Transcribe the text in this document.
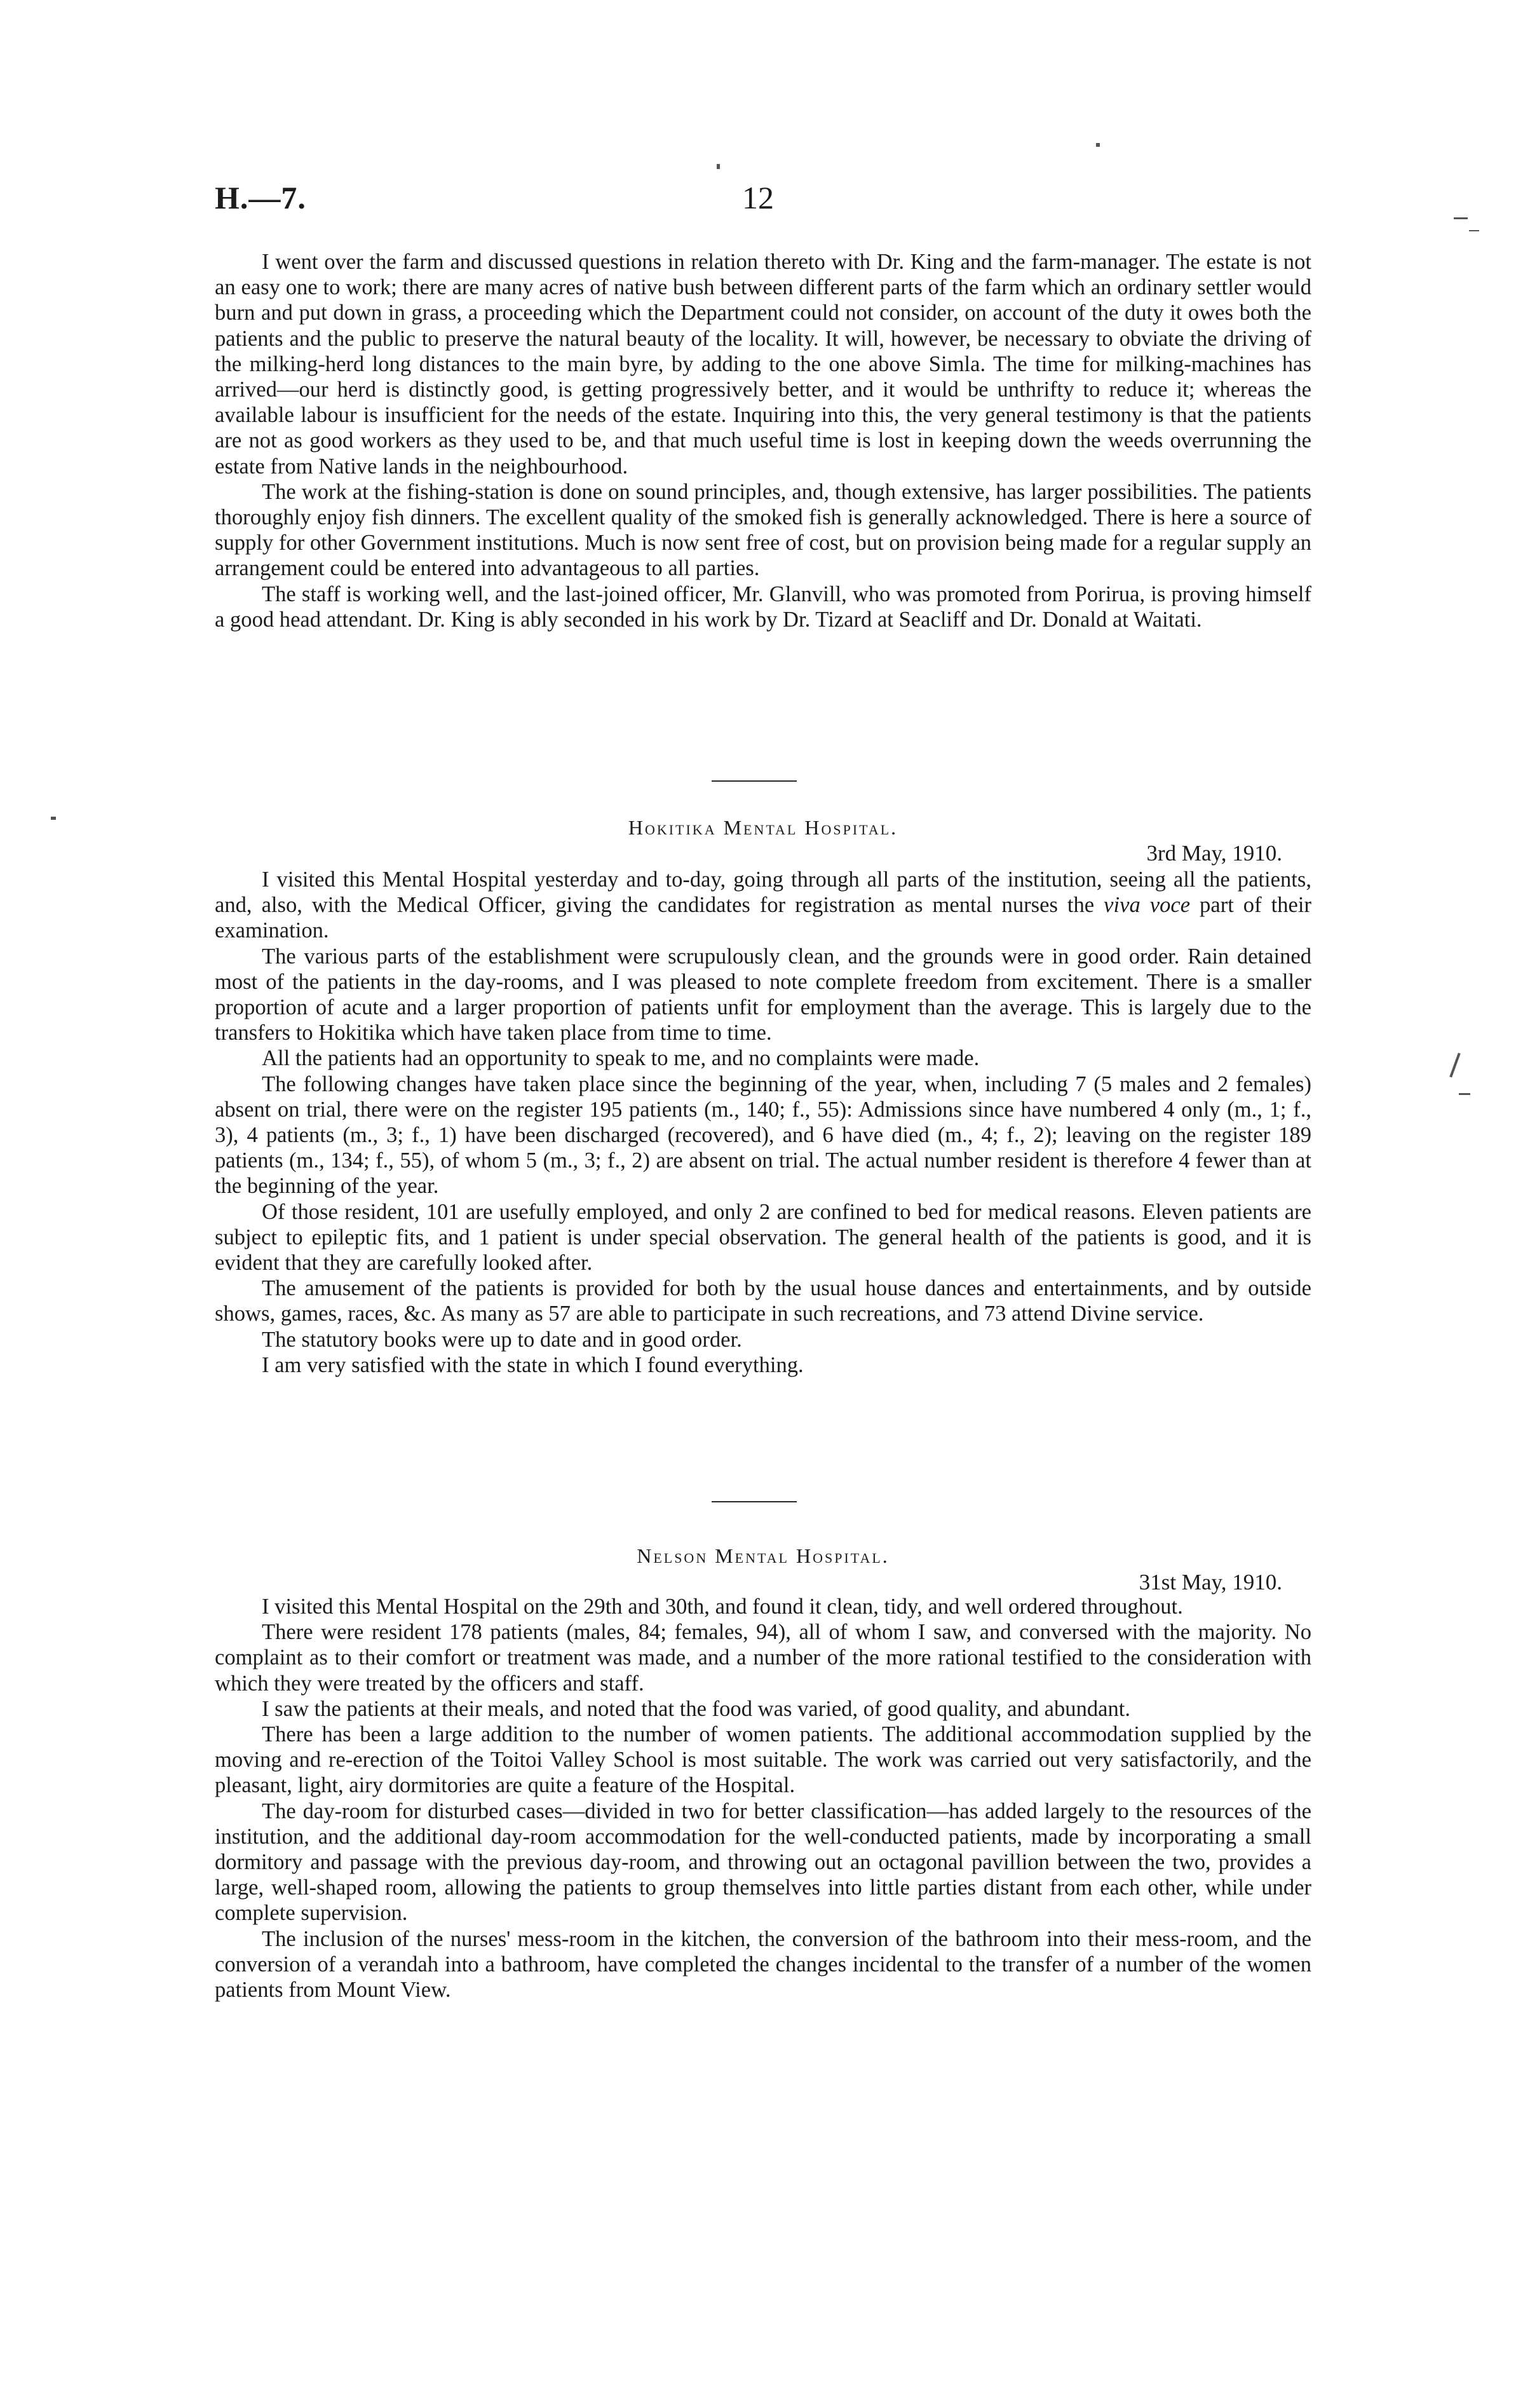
H.—7.	12

I went over the farm and discussed questions in relation thereto with Dr. King and the farm-manager. The estate is not an easy one to work; there are many acres of native bush between different parts of the farm which an ordinary settler would burn and put down in grass, a proceeding which the Department could not consider, on account of the duty it owes both the patients and the public to preserve the natural beauty of the locality. It will, however, be necessary to obviate the driving of the milking-herd long distances to the main byre, by adding to the one above Simla. The time for milking-machines has arrived—our herd is distinctly good, is getting progressively better, and it would be unthrifty to reduce it; whereas the available labour is insufficient for the needs of the estate. Inquiring into this, the very general testimony is that the patients are not as good workers as they used to be, and that much useful time is lost in keeping down the weeds overrunning the estate from Native lands in the neighbourhood.

The work at the fishing-station is done on sound principles, and, though extensive, has larger possibilities. The patients thoroughly enjoy fish dinners. The excellent quality of the smoked fish is generally acknowledged. There is here a source of supply for other Government institutions. Much is now sent free of cost, but on provision being made for a regular supply an arrangement could be entered into advantageous to all parties.

The staff is working well, and the last-joined officer, Mr. Glanvill, who was promoted from Porirua, is proving himself a good head attendant. Dr. King is ably seconded in his work by Dr. Tizard at Seacliff and Dr. Donald at Waitati.

Hokitika Mental Hospital.
3rd May, 1910.

I visited this Mental Hospital yesterday and to-day, going through all parts of the institution, seeing all the patients, and, also, with the Medical Officer, giving the candidates for registration as mental nurses the viva voce part of their examination.

The various parts of the establishment were scrupulously clean, and the grounds were in good order. Rain detained most of the patients in the day-rooms, and I was pleased to note complete freedom from excitement. There is a smaller proportion of acute and a larger proportion of patients unfit for employment than the average. This is largely due to the transfers to Hokitika which have taken place from time to time.

All the patients had an opportunity to speak to me, and no complaints were made.

The following changes have taken place since the beginning of the year, when, including 7 (5 males and 2 females) absent on trial, there were on the register 195 patients (m., 140; f., 55): Admissions since have numbered 4 only (m., 1; f., 3), 4 patients (m., 3; f., 1) have been discharged (recovered), and 6 have died (m., 4; f., 2); leaving on the register 189 patients (m., 134; f., 55), of whom 5 (m., 3; f., 2) are absent on trial. The actual number resident is therefore 4 fewer than at the beginning of the year.

Of those resident, 101 are usefully employed, and only 2 are confined to bed for medical reasons. Eleven patients are subject to epileptic fits, and 1 patient is under special observation. The general health of the patients is good, and it is evident that they are carefully looked after.

The amusement of the patients is provided for both by the usual house dances and entertainments, and by outside shows, games, races, &c. As many as 57 are able to participate in such recreations, and 73 attend Divine service.

The statutory books were up to date and in good order.

I am very satisfied with the state in which I found everything.

Nelson Mental Hospital.
31st May, 1910.

I visited this Mental Hospital on the 29th and 30th, and found it clean, tidy, and well ordered throughout.

There were resident 178 patients (males, 84; females, 94), all of whom I saw, and conversed with the majority. No complaint as to their comfort or treatment was made, and a number of the more rational testified to the consideration with which they were treated by the officers and staff.

I saw the patients at their meals, and noted that the food was varied, of good quality, and abundant.

There has been a large addition to the number of women patients. The additional accommodation supplied by the moving and re-erection of the Toitoi Valley School is most suitable. The work was carried out very satisfactorily, and the pleasant, light, airy dormitories are quite a feature of the Hospital.

The day-room for disturbed cases—divided in two for better classification—has added largely to the resources of the institution, and the additional day-room accommodation for the well-conducted patients, made by incorporating a small dormitory and passage with the previous day-room, and throwing out an octagonal pavillion between the two, provides a large, well-shaped room, allowing the patients to group themselves into little parties distant from each other, while under complete supervision.

The inclusion of the nurses' mess-room in the kitchen, the conversion of the bathroom into their mess-room, and the conversion of a verandah into a bathroom, have completed the changes incidental to the transfer of a number of the women patients from Mount View.
